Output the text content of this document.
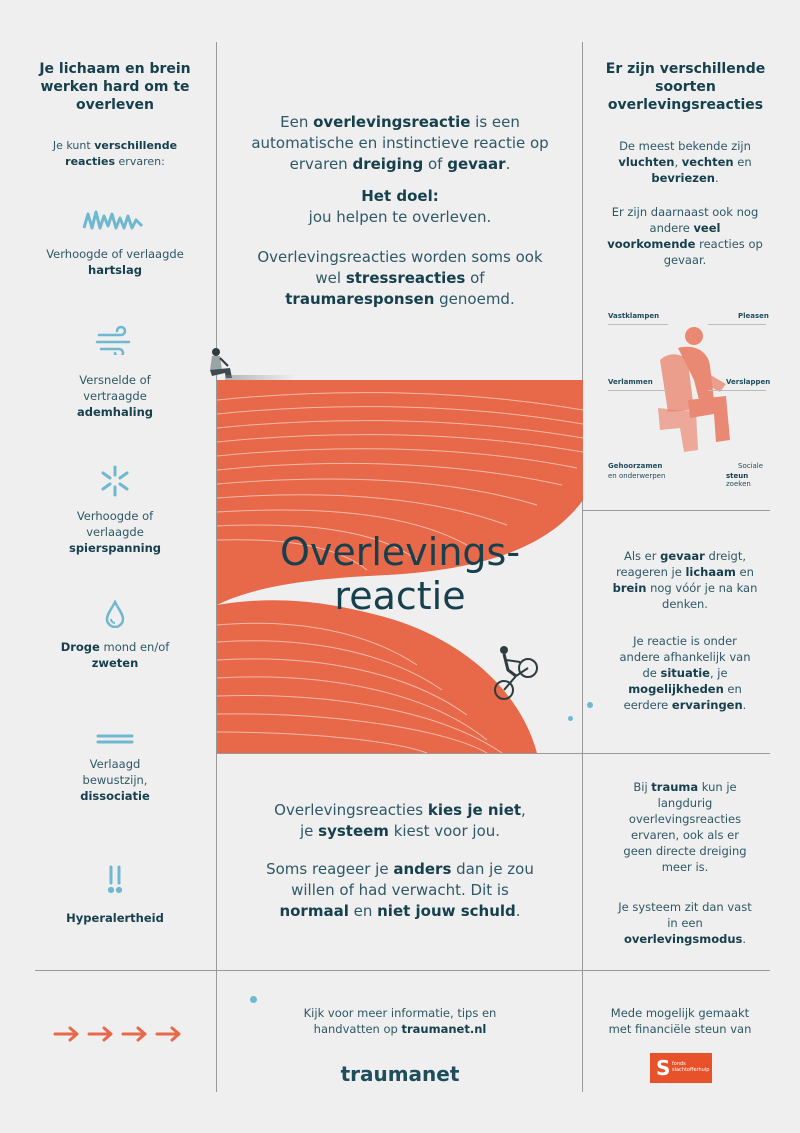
Je lichaam en brein werken hard om te overleven
Je kunt verschillende reacties ervaren:
Verhoogde of verlaagde hartslag
Versnelde of vertraagde ademhaling
Verhoogde of verlaagde spierspanning
Droge mond en/of zweten
Verlaagd bewustzijn, dissociatie
Hyperalertheid
Een overlevingsreactie is een automatische en instinctieve reactie op ervaren dreiging of gevaar.
Het doel:
jou helpen te overleven.
Overlevingsreacties worden soms ook wel stressreacties of traumaresponsen genoemd.
Overlevings-
reactie
Overlevingsreacties kies je niet,
je systeem kiest voor jou.
Soms reageer je anders dan je zou willen of had verwacht. Dit is normaal en niet jouw schuld.
Er zijn verschillende soorten overlevingsreacties
De meest bekende zijn vluchten, vechten en bevriezen.
Er zijn daarnaast ook nog andere veel voorkomende reacties op gevaar.
Vastklampen	Pleasen
Verlammen	Verslappen
Gehoorzamen
en onderwerpen
Sociale
steun zoeken
Als er gevaar dreigt, reageren je lichaam en brein nog vóór je na kan denken.
Je reactie is onder andere afhankelijk van de situatie, je mogelijkheden en eerdere ervaringen.
Bij trauma kun je langdurig overlevingsreacties ervaren, ook als er geen directe dreiging meer is.
Je systeem zit dan vast in een overlevingsmodus.
Kijk voor meer informatie, tips en handvatten op traumanet.nl
traumanet
Mede mogelijk gemaakt met financiële steun van
S fonds slachtofferhulp
